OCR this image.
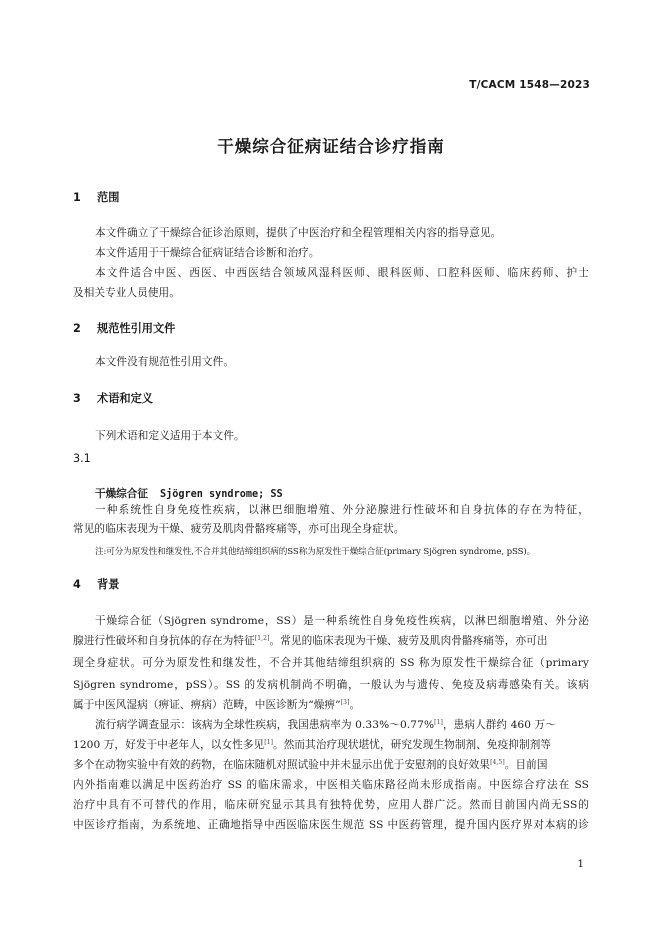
T/CACM 1548—2023
干燥综合征病证结合诊疗指南
1 范围

本文件确立了干燥综合征诊治原则，提供了中医治疗和全程管理相关内容的指导意见。

本文件适用于干燥综合征病证结合诊断和治疗。

本文件适合中医、西医、中西医结合领域风湿科医师、眼科医师、口腔科医师、临床药师、护士

及相关专业人员使用。

2 规范性引用文件

本文件没有规范性引用文件。

3 术语和定义

下列术语和定义适用于本文件。

3.1
干燥综合征 Sjögren syndrome; SS

一种系统性自身免疫性疾病，以淋巴细胞增殖、外分泌腺进行性破坏和自身抗体的存在为特征，

常见的临床表现为干燥、疲劳及肌肉骨骼疼痛等，亦可出现全身症状。

注:可分为原发性和继发性,不合并其他结缔组织病的SS称为原发性干燥综合征(primary Sjögren syndrome, pSS)。

4 背景

干燥综合征（Sjögren syndrome，SS）是一种系统性自身免疫性疾病，以淋巴细胞增殖、外分泌

腺进行性破坏和自身抗体的存在为特征[1,2]。常见的临床表现为干燥、疲劳及肌肉骨骼疼痛等，亦可出

现全身症状。可分为原发性和继发性，不合并其他结缔组织病的 SS 称为原发性干燥综合征（primary

Sjögren syndrome，pSS）。SS 的发病机制尚不明确，一般认为与遗传、免疫及病毒感染有关。该病

属于中医风湿病（痹证、痹病）范畴，中医诊断为“燥痹”[3]。

流行病学调查显示：该病为全球性疾病，我国患病率为 0.33%～0.77%[1]，患病人群约 460 万～

1200 万，好发于中老年人，以女性多见[1]。然而其治疗现状堪忧，研究发现生物制剂、免疫抑制剂等

多个在动物实验中有效的药物，在临床随机对照试验中并未显示出优于安慰剂的良好效果[4,5]。目前国

内外指南难以满足中医药治疗 SS 的临床需求，中医相关临床路径尚未形成指南。中医综合疗法在 SS

治疗中具有不可替代的作用，临床研究显示其具有独特优势，应用人群广泛。然而目前国内尚无SS的

中医诊疗指南，为系统地、正确地指导中西医临床医生规范 SS 中医药管理，提升国内医疗界对本病的诊

1
